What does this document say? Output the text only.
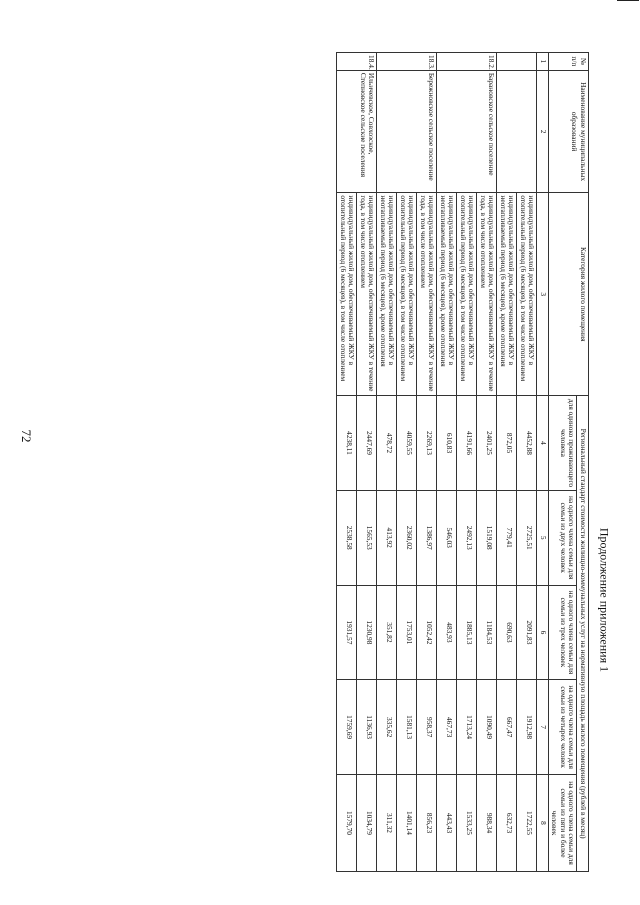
72
Продолжение приложения 1
№ п/п	Наименование муниципальных образований	Категория жилого помещения	Региональный стандарт стоимости жилищно-коммунальных услуг на нормативную площадь жилого помещения (рублей в месяц)				
			для одиноко проживающего человека	на одного члена семьи для семьи из двух человек	на одного члена семьи для семьи из трех человек	на одного члена семьи для семьи из четырех человек	на одного члена семьи для семьи из пяти и более человек
1	2	3	4	5	6	7	8
		индивидуальный жилой дом, обеспечиваемый ЖКУ в отопительный период (6 месяцев), в том числе отоплением	4452,88	2725,51	2091,83	1912,98	1722,55
		индивидуальный жилой дом, обеспечиваемый ЖКУ в неотапливаемый период (6 месяцев), кроме отопления	872,05	779,41	690,63	667,47	632,73
18.2.	Барановское сельское поселение	индивидуальный жилой дом, обеспечиваемый ЖКУ в течение года, в том числе отоплением	2401,25	1519,08	1184,53	1090,49	988,34
		индивидуальный жилой дом, обеспечиваемый ЖКУ в отопительный период (6 месяцев), в том числе отоплением	4191,66	2492,13	1885,13	1713,24	1533,25
		индивидуальный жилой дом, обеспечиваемый ЖКУ в неотапливаемый период (6 месяцев), кроме отопления	610,83	546,03	483,93	467,73	443,43
18.3.	Бережновское сельское поселение	индивидуальный жилой дом, обеспечиваемый ЖКУ в течение года, в том числе отоплением	2269,13	1386,97	1052,42	958,37	856,23
		индивидуальный жилой дом, обеспечиваемый ЖКУ в отопительный период (6 месяцев), в том числе отоплением	4059,55	2360,02	1753,01	1581,13	1401,14
		индивидуальный жилой дом, обеспечиваемый ЖКУ в неотапливаемый период (6 месяцев), кроме отопления	478,72	413,92	351,82	335,62	311,32
18.4.	Ильичевское, Совхозское, Степновское сельские поселения	индивидуальный жилой дом, обеспечиваемый ЖКУ в течение года, в том числе отоплением	2447,69	1565,53	1230,98	1136,93	1034,79
		индивидуальный жилой дом, обеспечиваемый ЖКУ в отопительный период (6 месяцев), в том числе отоплением	4238,11	2538,58	1931,57	1759,69	1579,70
